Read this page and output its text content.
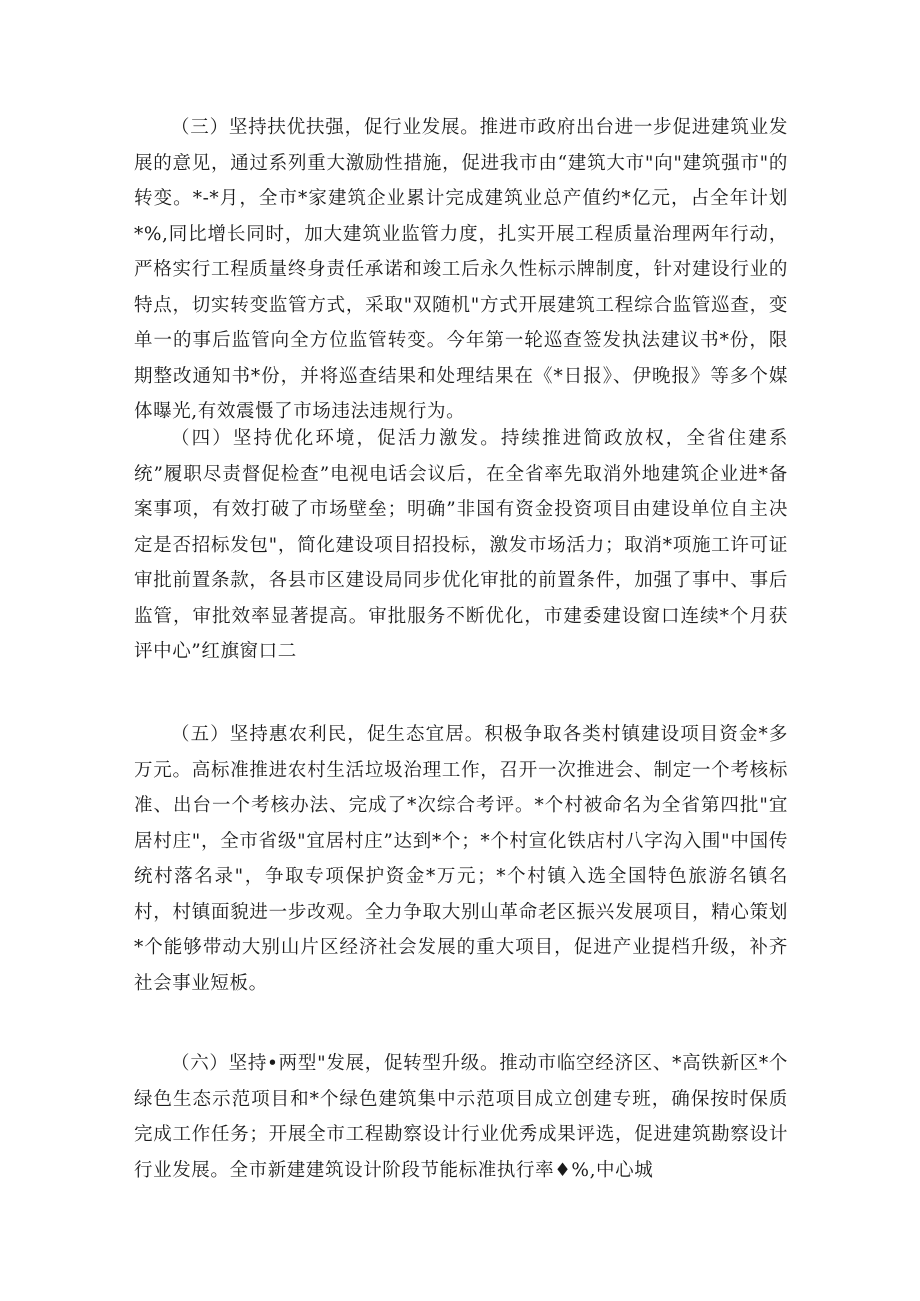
（三）坚持扶优扶强，促行业发展。推进市政府出台进一步促进建筑业发展的意见，通过系列重大激励性措施，促进我市由“建筑大市"向"建筑强市"的转变。*-*月，全市*家建筑企业累计完成建筑业总产值约*亿元，占全年计划*%,同比增长同时，加大建筑业监管力度，扎实开展工程质量治理两年行动，严格实行工程质量终身责任承诺和竣工后永久性标示牌制度，针对建设行业的特点，切实转变监管方式，采取"双随机"方式开展建筑工程综合监管巡查，变单一的事后监管向全方位监管转变。今年第一轮巡查签发执法建议书*份，限期整改通知书*份，并将巡查结果和处理结果在《*日报》、伊晚报》等多个媒体曝光,有效震慑了市场违法违规行为。

（四）坚持优化环境，促活力激发。持续推进简政放权，全省住建系统”履职尽责督促检查”电视电话会议后，在全省率先取消外地建筑企业进*备案事项，有效打破了市场壁垒；明确”非国有资金投资项目由建设单位自主决定是否招标发包"，简化建设项目招投标，激发市场活力；取消*项施工许可证审批前置条款，各县市区建设局同步优化审批的前置条件，加强了事中、事后监管，审批效率显著提高。审批服务不断优化，市建委建设窗口连续*个月获评中心”红旗窗口二

（五）坚持惠农利民，促生态宜居。积极争取各类村镇建设项目资金*多万元。高标准推进农村生活垃圾治理工作，召开一次推进会、制定一个考核标准、出台一个考核办法、完成了*次综合考评。*个村被命名为全省第四批"宜居村庄"，全市省级"宜居村庄”达到*个；*个村宣化铁店村八字沟入围"中国传统村落名录"，争取专项保护资金*万元；*个村镇入选全国特色旅游名镇名村，村镇面貌进一步改观。全力争取大别山革命老区振兴发展项目，精心策划*个能够带动大别山片区经济社会发展的重大项目，促进产业提档升级，补齐社会事业短板。

（六）坚持•两型"发展，促转型升级。推动市临空经济区、*高铁新区*个绿色生态示范项目和*个绿色建筑集中示范项目成立创建专班，确保按时保质完成工作任务；开展全市工程勘察设计行业优秀成果评选，促进建筑勘察设计行业发展。全市新建建筑设计阶段节能标准执行率♦%,中心城
